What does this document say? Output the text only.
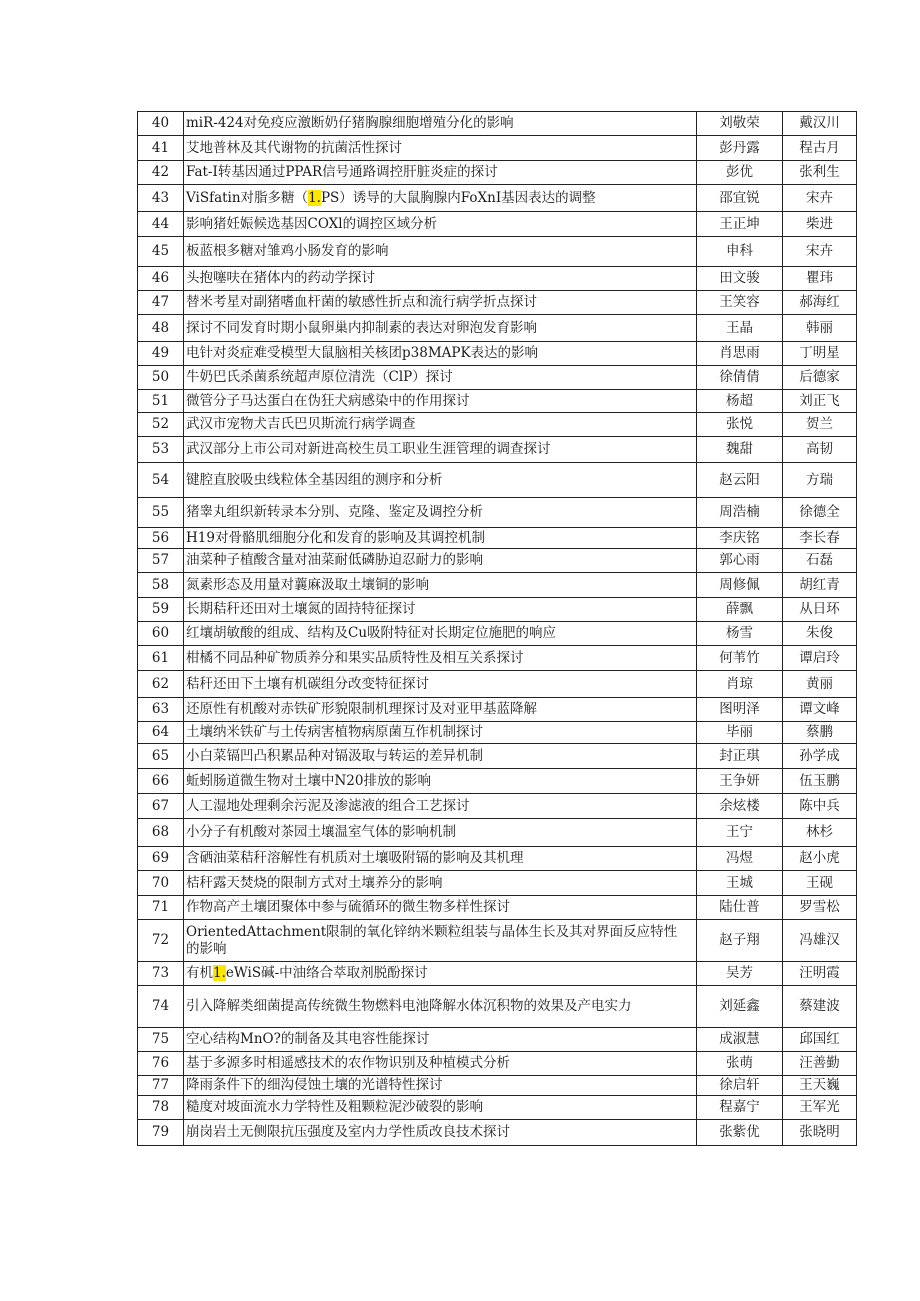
40	miR-424对免疫应激断奶仔猪胸腺细胞增殖分化的影响	刘敬荣	戴汉川
41	艾地普林及其代谢物的抗菌活性探讨	彭丹露	程古月
42	Fat-I转基因通过PPAR信号通路调控肝脏炎症的探讨	彭优	张利生
43	ViSfatin对脂多糖（1.PS）诱导的大鼠胸腺内FoXnI基因表达的调整	邵宜锐	宋卉
44	影响猪妊娠候选基因COXl的调控区域分析	王正坤	柴进
45	板蓝根多糖对雏鸡小肠发育的影响	申科	宋卉
46	头抱噻呋在猪体内的药动学探讨	田文骏	瞿玮
47	替米考星对副猪嗜血杆菌的敏感性折点和流行病学折点探讨	王笑容	郝海红
48	探讨不同发育时期小鼠卵巢内抑制素的表达对卵泡发育影响	王晶	韩丽
49	电针对炎症难受模型大鼠脑相关核团p38MAPK表达的影响	肖思雨	丁明星
50	牛奶巴氏杀菌系统超声原位清洗（ClP）探讨	徐倩倩	后德家
51	微管分子马达蛋白在伪狂犬病感染中的作用探讨	杨超	刘正飞
52	武汉市宠物犬吉氏巴贝斯流行病学调查	张悦	贺兰
53	武汉部分上市公司对新进高校生员工职业生涯管理的调查探讨	魏甜	高韧
54	键腔直胶吸虫线粒体全基因组的测序和分析	赵云阳	方瑞
55	猪睾丸组织新转录本分别、克隆、鉴定及调控分析	周浩楠	徐德全
56	H19对骨骼肌细胞分化和发育的影响及其调控机制	李庆铭	李长春
57	油菜种子植酸含量对油菜耐低磷胁迫忍耐力的影响	郭心雨	石磊
58	氮素形态及用量对蘘麻汲取土壤铜的影响	周修佩	胡红青
59	长期秸秆还田对土壤氮的固持特征探讨	薛飘	从日环
60	红壤胡敏酸的组成、结构及Cu吸附特征对长期定位施肥的响应	杨雪	朱俊
61	柑橘不同品种矿物质养分和果实品质特性及相互关系探讨	何苇竹	谭启玲
62	秸秆还田下土壤有机碳组分改变特征探讨	肖琼	黄丽
63	还原性有机酸对赤铁矿形貌限制机理探讨及对亚甲基蓝降解	图明泽	谭文峰
64	土壤纳米铁矿与土传病害植物病原菌互作机制探讨	毕丽	蔡鹏
65	小白菜镉凹凸积累品种对镉汲取与转运的差异机制	封正琪	孙学成
66	蚯蚓肠道微生物对土壤中N20排放的影响	王争妍	伍玉鹏
67	人工湿地处理剩余污泥及渗滤液的组合工艺探讨	余炫楼	陈中兵
68	小分子有机酸对茶园土壤温室气体的影响机制	王宁	林杉
69	含硒油菜秸秆溶解性有机质对土壤吸附镉的影响及其机理	冯煜	赵小虎
70	桔秆露天焚烧的限制方式对土壤养分的影响	王城	王砚
71	作物高产土壤团聚体中参与硫循环的微生物多样性探讨	陆仕普	罗雪松
72	OrientedAttachment限制的氧化锌纳米颗粒组装与晶体生长及其对界面反应特性的影响	赵子翔	冯雄汉
73	有机1.eWiS碱-中油络合萃取剂脱酚探讨	吴芳	汪明霞
74	引入降解类细菌提高传统微生物燃料电池降解水体沉积物的效果及产电实力	刘延鑫	蔡建波
75	空心结构MnO?的制备及其电容性能探讨	成淑慧	邱国红
76	基于多源多时相遥感技术的农作物识别及种植模式分析	张萌	汪善勤
77	降雨条件下的细沟侵蚀土壤的光谱特性探讨	徐启轩	王天巍
78	糙度对坡面流水力学特性及粗颗粒泥沙破裂的影响	程嘉宁	王军光
79	崩岗岩土无侧限抗压强度及室内力学性质改良技术探讨	张紫优	张晓明
